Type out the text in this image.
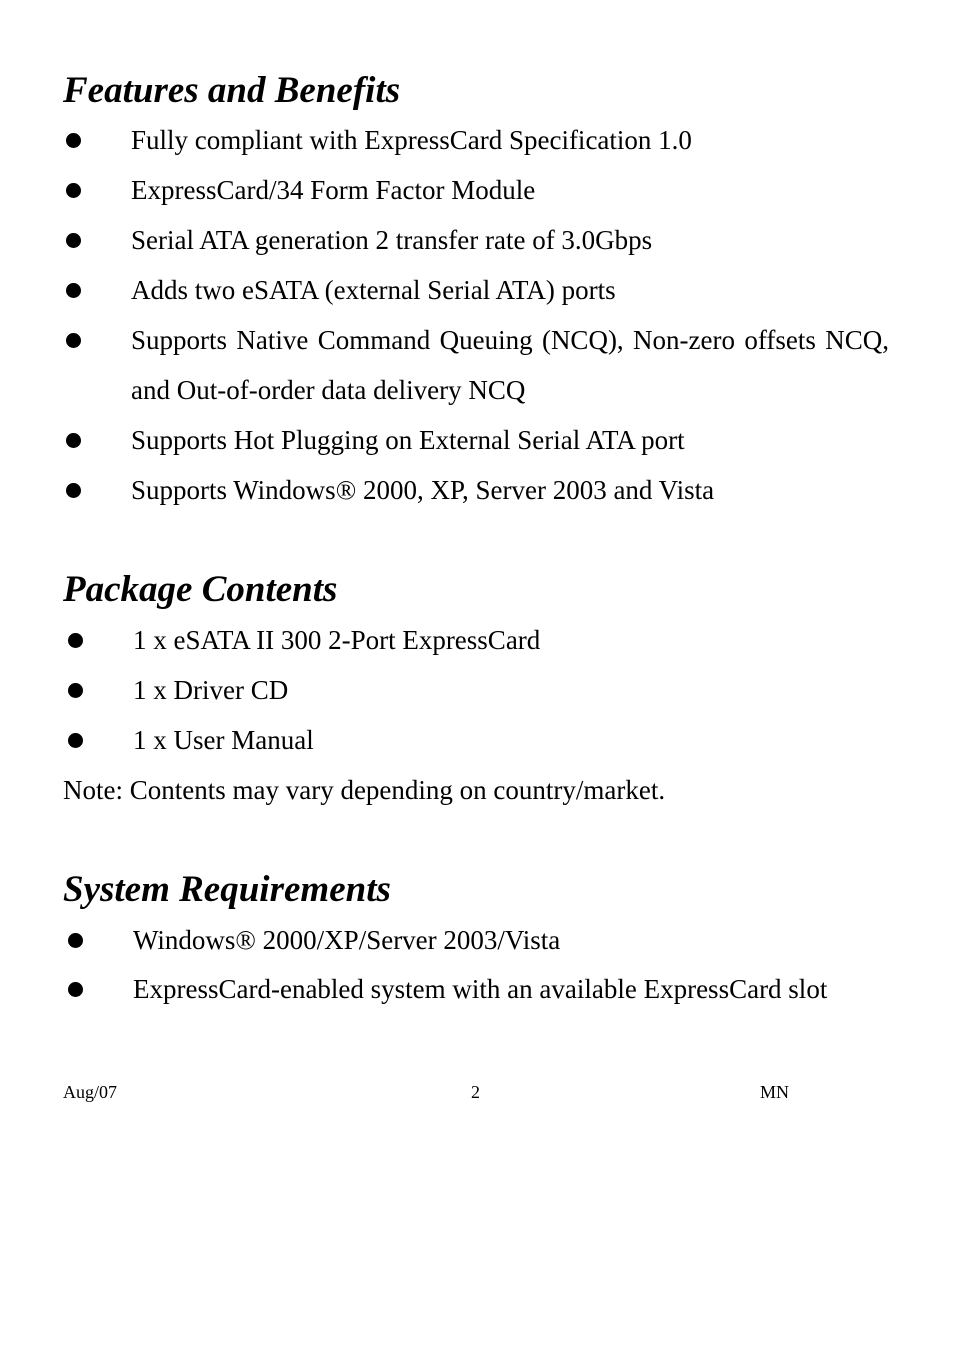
Features and Benefits
Fully compliant with ExpressCard Specification 1.0
ExpressCard/34 Form Factor Module
Serial ATA generation 2 transfer rate of 3.0Gbps
Adds two eSATA (external Serial ATA) ports
Supports Native Command Queuing (NCQ), Non-zero offsets NCQ, and Out-of-order data delivery NCQ
Supports Hot Plugging on External Serial ATA port
Supports Windows® 2000, XP, Server 2003 and Vista
Package Contents
1 x eSATA II 300 2-Port ExpressCard
1 x Driver CD
1 x User Manual
Note: Contents may vary depending on country/market.
System Requirements
Windows® 2000/XP/Server 2003/Vista
ExpressCard-enabled system with an available ExpressCard slot
Aug/07	2	MN
